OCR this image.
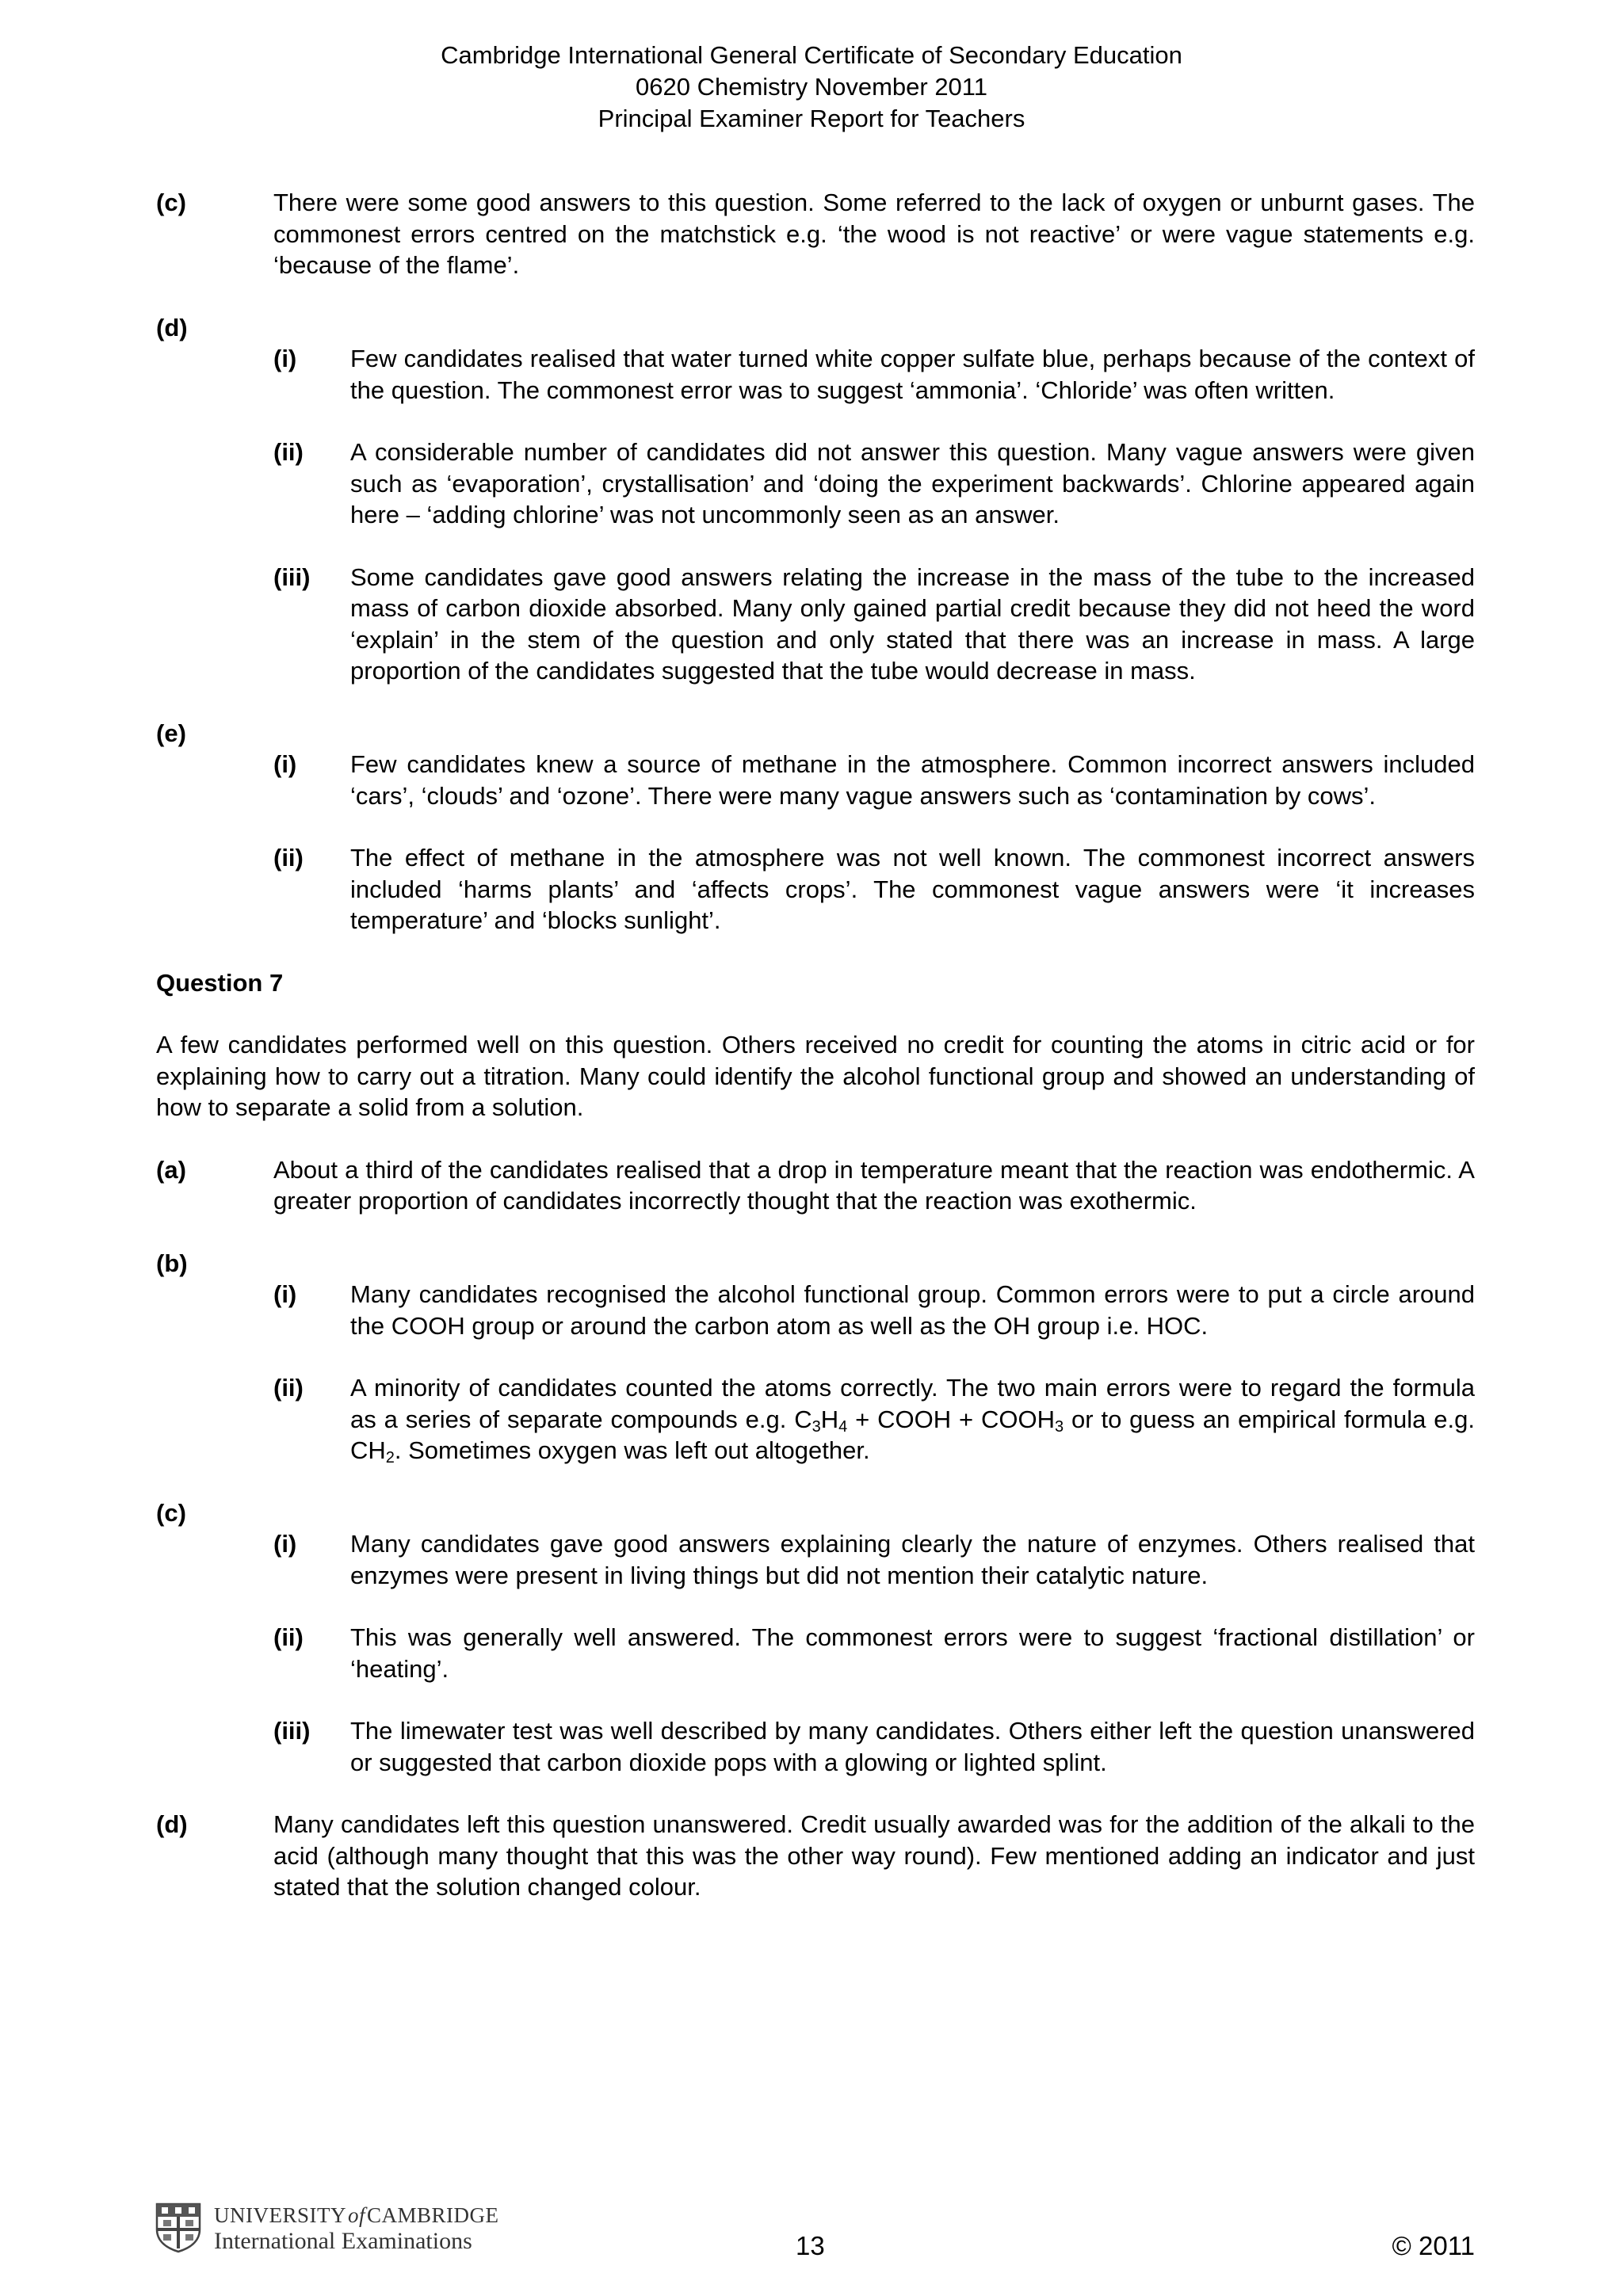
Cambridge International General Certificate of Secondary Education
0620 Chemistry November 2011
Principal Examiner Report for Teachers
(c)	There were some good answers to this question. Some referred to the lack of oxygen or unburnt gases. The commonest errors centred on the matchstick e.g. ‘the wood is not reactive’ or were vague statements e.g. ‘because of the flame’.
(d)
(i)	Few candidates realised that water turned white copper sulfate blue, perhaps because of the context of the question. The commonest error was to suggest ‘ammonia’. ‘Chloride’ was often written.
(ii)	A considerable number of candidates did not answer this question. Many vague answers were given such as ‘evaporation’, crystallisation’ and ‘doing the experiment backwards’. Chlorine appeared again here – ‘adding chlorine’ was not uncommonly seen as an answer.
(iii)	Some candidates gave good answers relating the increase in the mass of the tube to the increased mass of carbon dioxide absorbed. Many only gained partial credit because they did not heed the word ‘explain’ in the stem of the question and only stated that there was an increase in mass. A large proportion of the candidates suggested that the tube would decrease in mass.
(e)
(i)	Few candidates knew a source of methane in the atmosphere. Common incorrect answers included ‘cars’, ‘clouds’ and ‘ozone’. There were many vague answers such as ‘contamination by cows’.
(ii)	The effect of methane in the atmosphere was not well known. The commonest incorrect answers included ‘harms plants’ and ‘affects crops’. The commonest vague answers were ‘it increases temperature’ and ‘blocks sunlight’.
Question 7
A few candidates performed well on this question. Others received no credit for counting the atoms in citric acid or for explaining how to carry out a titration. Many could identify the alcohol functional group and showed an understanding of how to separate a solid from a solution.
(a)	About a third of the candidates realised that a drop in temperature meant that the reaction was endothermic. A greater proportion of candidates incorrectly thought that the reaction was exothermic.
(b)
(i)	Many candidates recognised the alcohol functional group. Common errors were to put a circle around the COOH group or around the carbon atom as well as the OH group i.e. HOC.
(ii)	A minority of candidates counted the atoms correctly. The two main errors were to regard the formula as a series of separate compounds e.g. $C_3H_4$ + COOH + $COOH_3$ or to guess an empirical formula e.g. $CH_2$. Sometimes oxygen was left out altogether.
(c)
(i)	Many candidates gave good answers explaining clearly the nature of enzymes. Others realised that enzymes were present in living things but did not mention their catalytic nature.
(ii)	This was generally well answered. The commonest errors were to suggest ‘fractional distillation’ or ‘heating’.
(iii)	The limewater test was well described by many candidates. Others either left the question unanswered or suggested that carbon dioxide pops with a glowing or lighted splint.
(d)	Many candidates left this question unanswered. Credit usually awarded was for the addition of the alkali to the acid (although many thought that this was the other way round). Few mentioned adding an indicator and just stated that the solution changed colour.
UNIVERSITYofCAMBRIDGE
International Examinations	13	© 2011
